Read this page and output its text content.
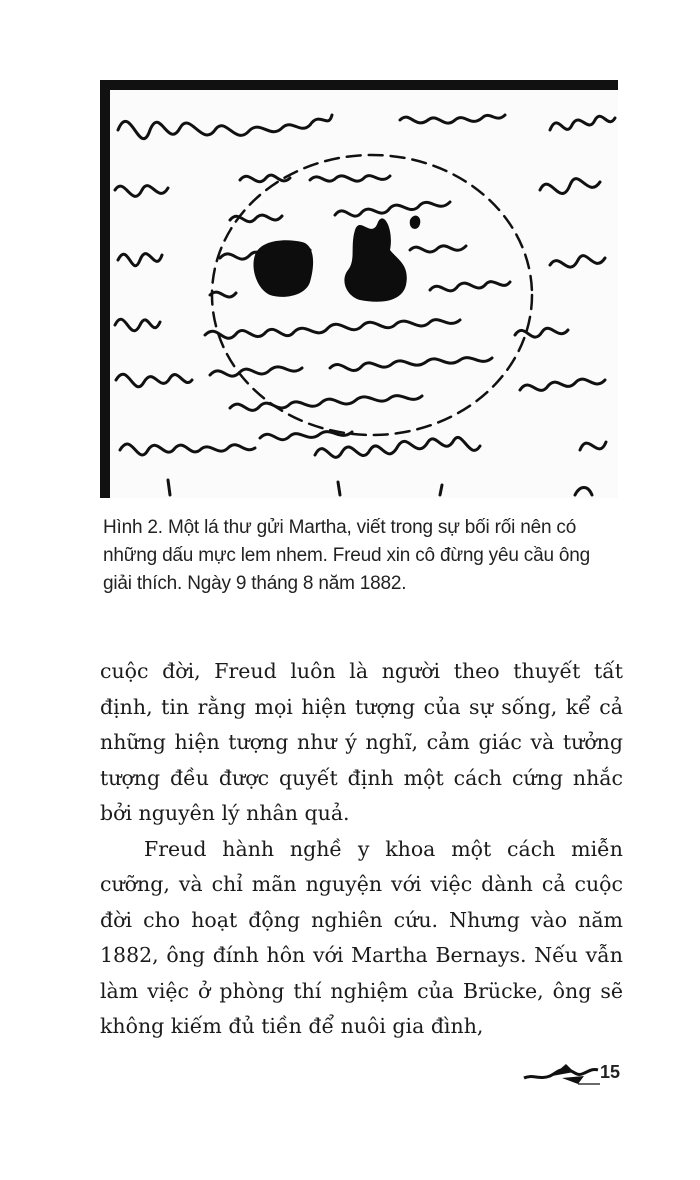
Hình 2. Một lá thư gửi Martha, viết trong sự bối rối nên có những dấu mực lem nhem. Freud xin cô đừng yêu cầu ông giải thích. Ngày 9 tháng 8 năm 1882.

cuộc đời, Freud luôn là người theo thuyết tất định, tin rằng mọi hiện tượng của sự sống, kể cả những hiện tượng như ý nghĩ, cảm giác và tưởng tượng đều được quyết định một cách cứng nhắc bởi nguyên lý nhân quả.

Freud hành nghề y khoa một cách miễn cưỡng, và chỉ mãn nguyện với việc dành cả cuộc đời cho hoạt động nghiên cứu. Nhưng vào năm 1882, ông đính hôn với Martha Bernays. Nếu vẫn làm việc ở phòng thí nghiệm của Brücke, ông sẽ không kiếm đủ tiền để nuôi gia đình,

15
